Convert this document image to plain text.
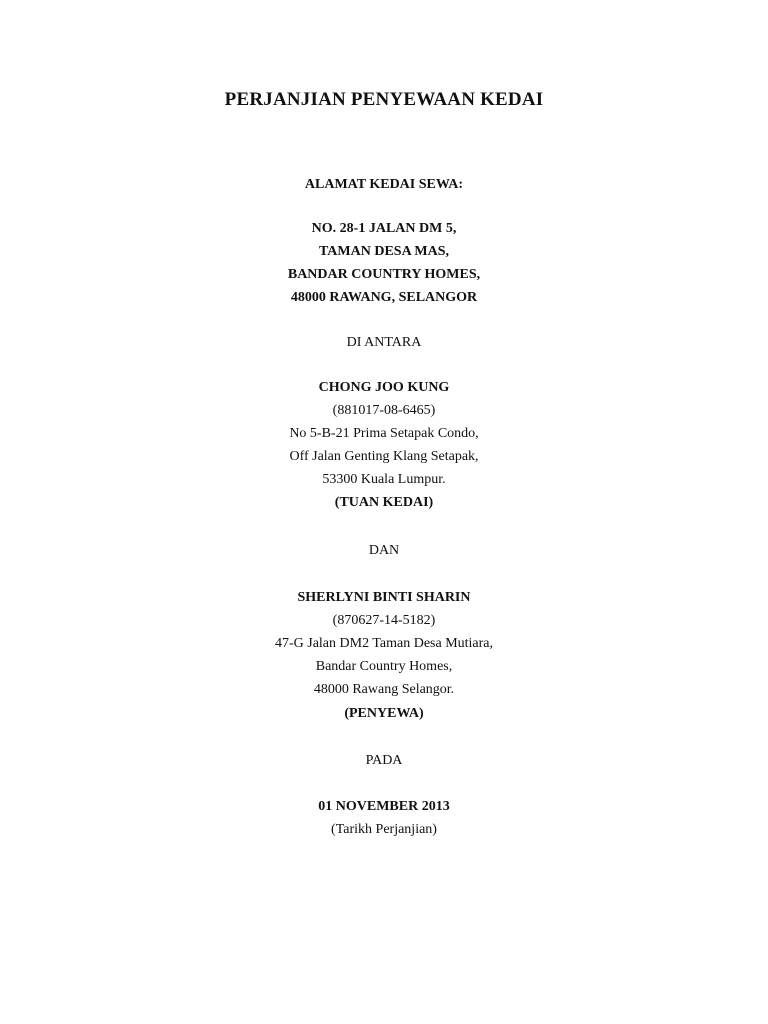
PERJANJIAN PENYEWAAN KEDAI
ALAMAT KEDAI SEWA:
NO. 28-1 JALAN DM 5,
TAMAN DESA MAS,
BANDAR COUNTRY HOMES,
48000 RAWANG, SELANGOR
DI ANTARA
CHONG JOO KUNG
(881017-08-6465)
No 5-B-21 Prima Setapak Condo,
Off Jalan Genting Klang Setapak,
53300 Kuala Lumpur.
(TUAN KEDAI)
DAN
SHERLYNI BINTI SHARIN
(870627-14-5182)
47-G Jalan DM2 Taman Desa Mutiara,
Bandar Country Homes,
48000 Rawang Selangor.
(PENYEWA)
PADA
01 NOVEMBER 2013
(Tarikh Perjanjian)
